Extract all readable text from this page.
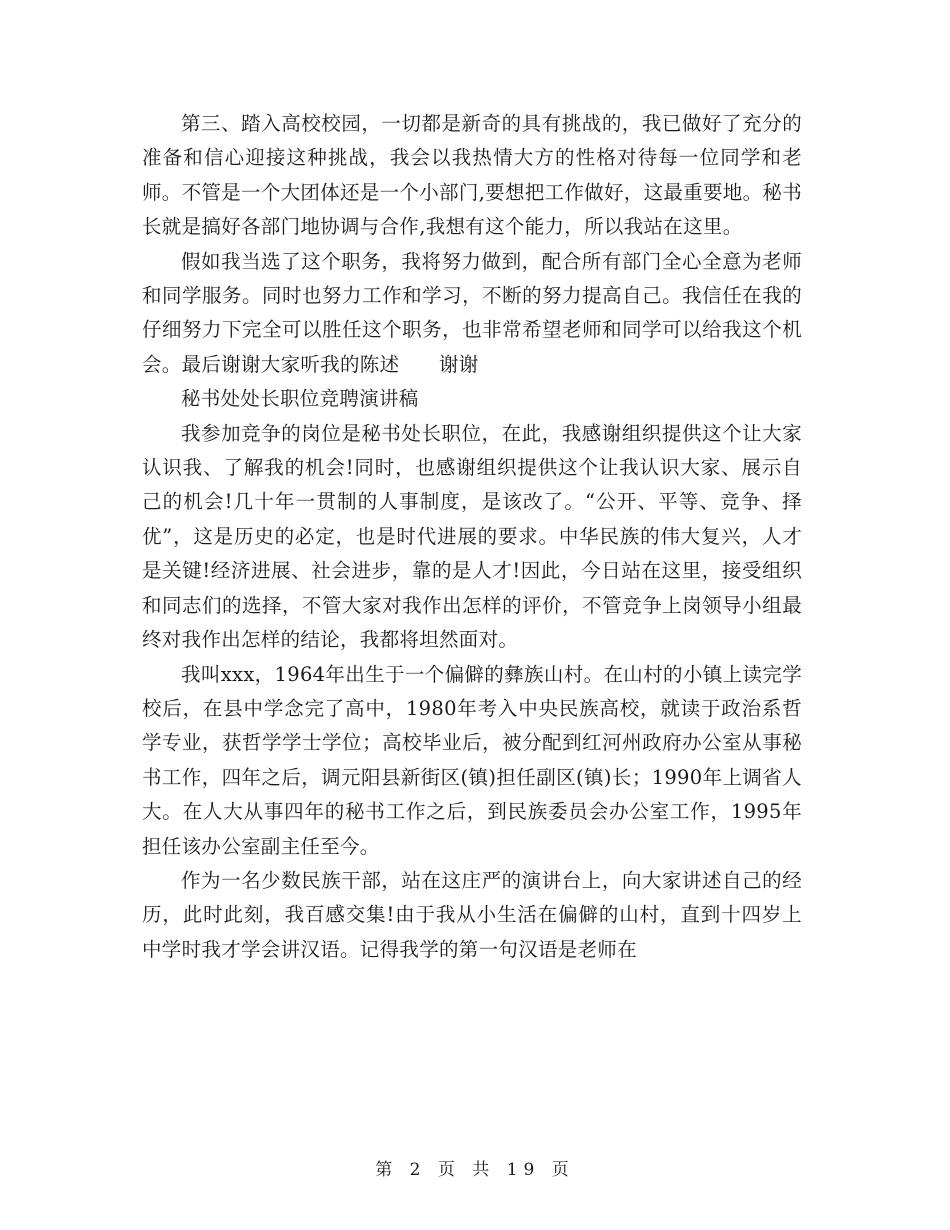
第三、踏入高校校园，一切都是新奇的具有挑战的，我已做好了充分的准备和信心迎接这种挑战，我会以我热情大方的性格对待每一位同学和老师。不管是一个大团体还是一个小部门,要想把工作做好，这最重要地。秘书长就是搞好各部门地协调与合作,我想有这个能力，所以我站在这里。

假如我当选了这个职务，我将努力做到，配合所有部门全心全意为老师和同学服务。同时也努力工作和学习，不断的努力提高自己。我信任在我的仔细努力下完全可以胜任这个职务，也非常希望老师和同学可以给我这个机会。最后谢谢大家听我的陈述　　谢谢

秘书处处长职位竞聘演讲稿

我参加竞争的岗位是秘书处长职位，在此，我感谢组织提供这个让大家认识我、了解我的机会!同时，也感谢组织提供这个让我认识大家、展示自己的机会!几十年一贯制的人事制度，是该改了。“公开、平等、竞争、择优”，这是历史的必定，也是时代进展的要求。中华民族的伟大复兴，人才是关键!经济进展、社会进步，靠的是人才!因此，今日站在这里，接受组织和同志们的选择，不管大家对我作出怎样的评价，不管竞争上岗领导小组最终对我作出怎样的结论，我都将坦然面对。

我叫xxx，1964年出生于一个偏僻的彝族山村。在山村的小镇上读完学校后，在县中学念完了高中，1980年考入中央民族高校，就读于政治系哲学专业，获哲学学士学位；高校毕业后，被分配到红河州政府办公室从事秘书工作，四年之后，调元阳县新街区(镇)担任副区(镇)长；1990年上调省人大。在人大从事四年的秘书工作之后，到民族委员会办公室工作，1995年担任该办公室副主任至今。

作为一名少数民族干部，站在这庄严的演讲台上，向大家讲述自己的经历，此时此刻，我百感交集!由于我从小生活在偏僻的山村，直到十四岁上中学时我才学会讲汉语。记得我学的第一句汉语是老师在

第 2 页 共 19 页
